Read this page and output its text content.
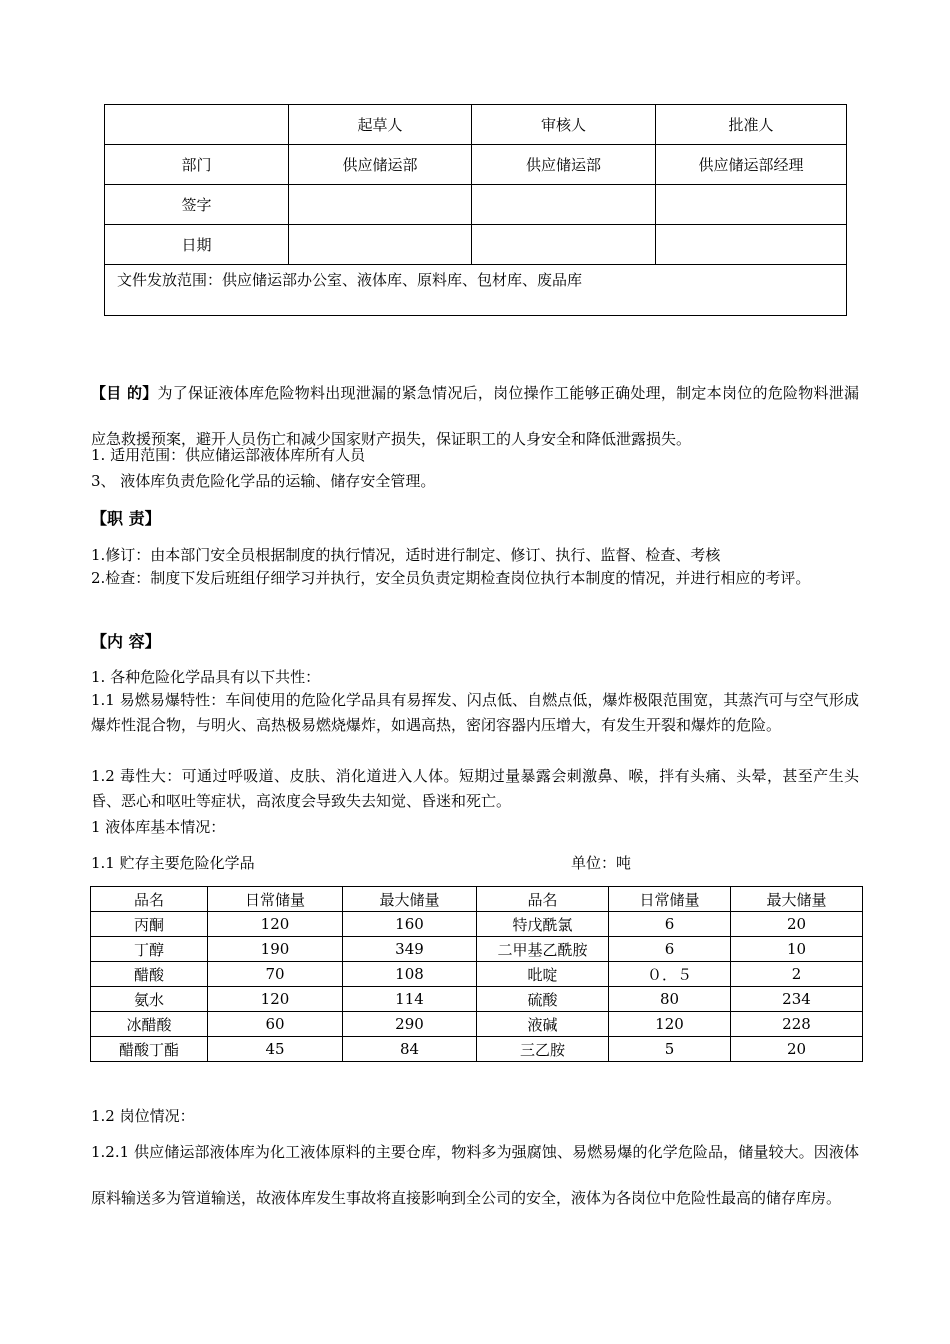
	起草人	审核人	批准人
部门	供应储运部	供应储运部	供应储运部经理
签字			
日期			
文件发放范围：供应储运部办公室、液体库、原料库、包材库、废品库			
【目 的】为了保证液体库危险物料出现泄漏的紧急情况后，岗位操作工能够正确处理，制定本岗位的危险物料泄漏应急救援预案，避开人员伤亡和减少国家财产损失，保证职工的人身安全和降低泄露损失。
1. 适用范围：供应储运部液体库所有人员
3、 液体库负责危险化学品的运输、储存安全管理。
【职 责】
1.修订：由本部门安全员根据制度的执行情况，适时进行制定、修订、执行、监督、检查、考核
2.检查：制度下发后班组仔细学习并执行，安全员负责定期检查岗位执行本制度的情况，并进行相应的考评。
【内 容】
1. 各种危险化学品具有以下共性：
1.1 易燃易爆特性：车间使用的危险化学品具有易挥发、闪点低、自燃点低，爆炸极限范围宽，其蒸汽可与空气形成爆炸性混合物，与明火、高热极易燃烧爆炸，如遇高热，密闭容器内压增大，有发生开裂和爆炸的危险。
1.2 毒性大：可通过呼吸道、皮肤、消化道进入人体。短期过量暴露会刺激鼻、喉，拌有头痛、头晕，甚至产生头昏、恶心和呕吐等症状，高浓度会导致失去知觉、昏迷和死亡。
1 液体库基本情况：
1.1 贮存主要危险化学品	单位：吨
品名	日常储量	最大储量	品名	日常储量	最大储量
丙酮	120	160	特戊酰氯	6	20
丁醇	190	349	二甲基乙酰胺	6	10
醋酸	70	108	吡啶	０．５	2
氨水	120	114	硫酸	80	234
冰醋酸	60	290	液碱	120	228
醋酸丁酯	45	84	三乙胺	5	20
1.2 岗位情况：
1.2.1 供应储运部液体库为化工液体原料的主要仓库，物料多为强腐蚀、易燃易爆的化学危险品，储量较大。因液体原料输送多为管道输送，故液体库发生事故将直接影响到全公司的安全，液体为各岗位中危险性最高的储存库房。
